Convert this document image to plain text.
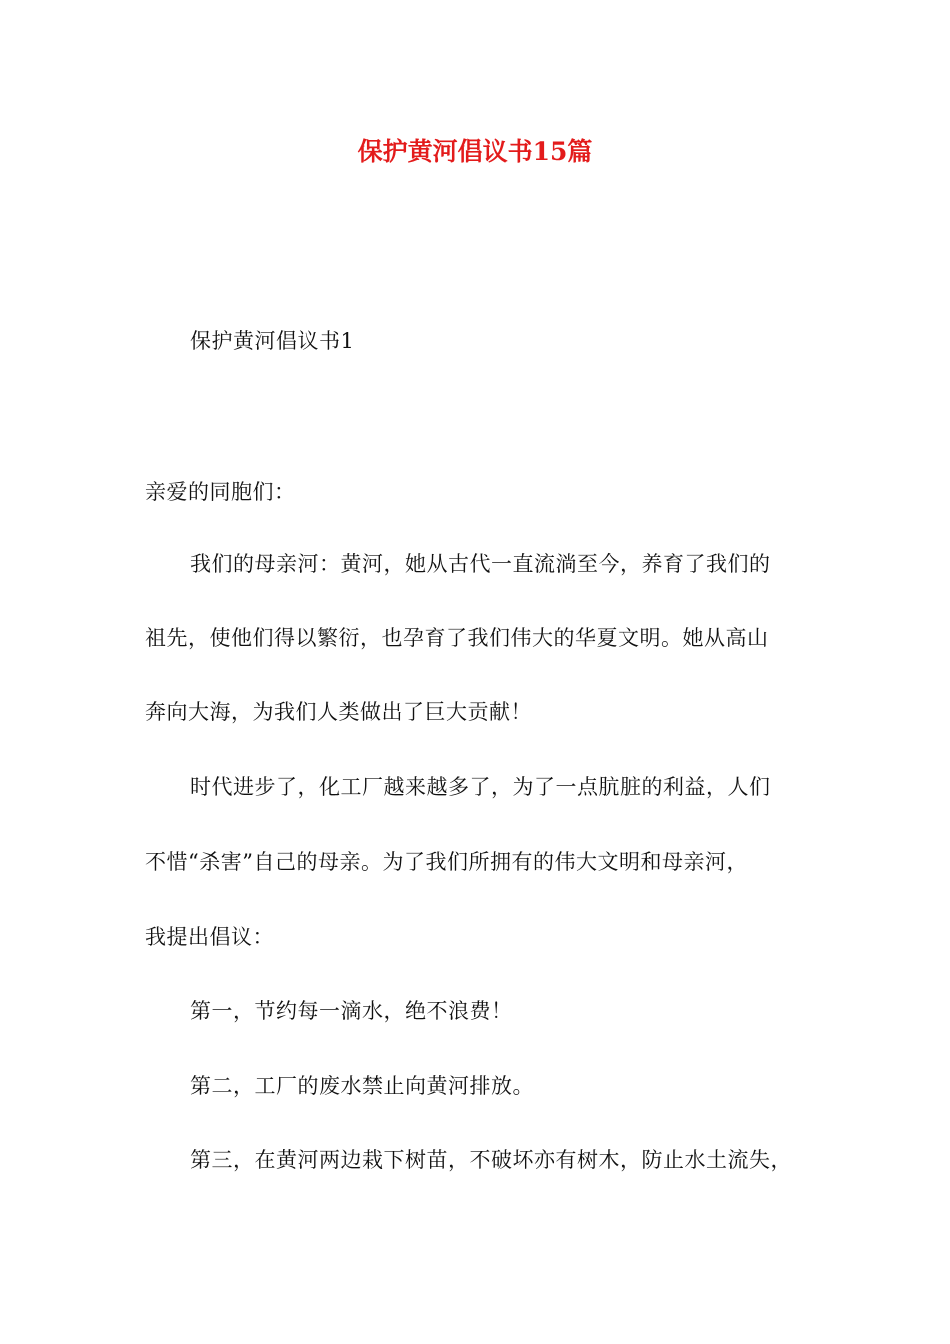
保护黄河倡议书15篇
保护黄河倡议书1
亲爱的同胞们：
我们的母亲河：黄河，她从古代一直流淌至今，养育了我们的
祖先，使他们得以繁衍，也孕育了我们伟大的华夏文明。她从高山
奔向大海，为我们人类做出了巨大贡献！
时代进步了，化工厂越来越多了，为了一点肮脏的利益，人们
不惜“杀害”自己的母亲。为了我们所拥有的伟大文明和母亲河，
我提出倡议：
第一，节约每一滴水，绝不浪费！
第二，工厂的废水禁止向黄河排放。
第三，在黄河两边栽下树苗，不破坏亦有树木，防止水土流失，
